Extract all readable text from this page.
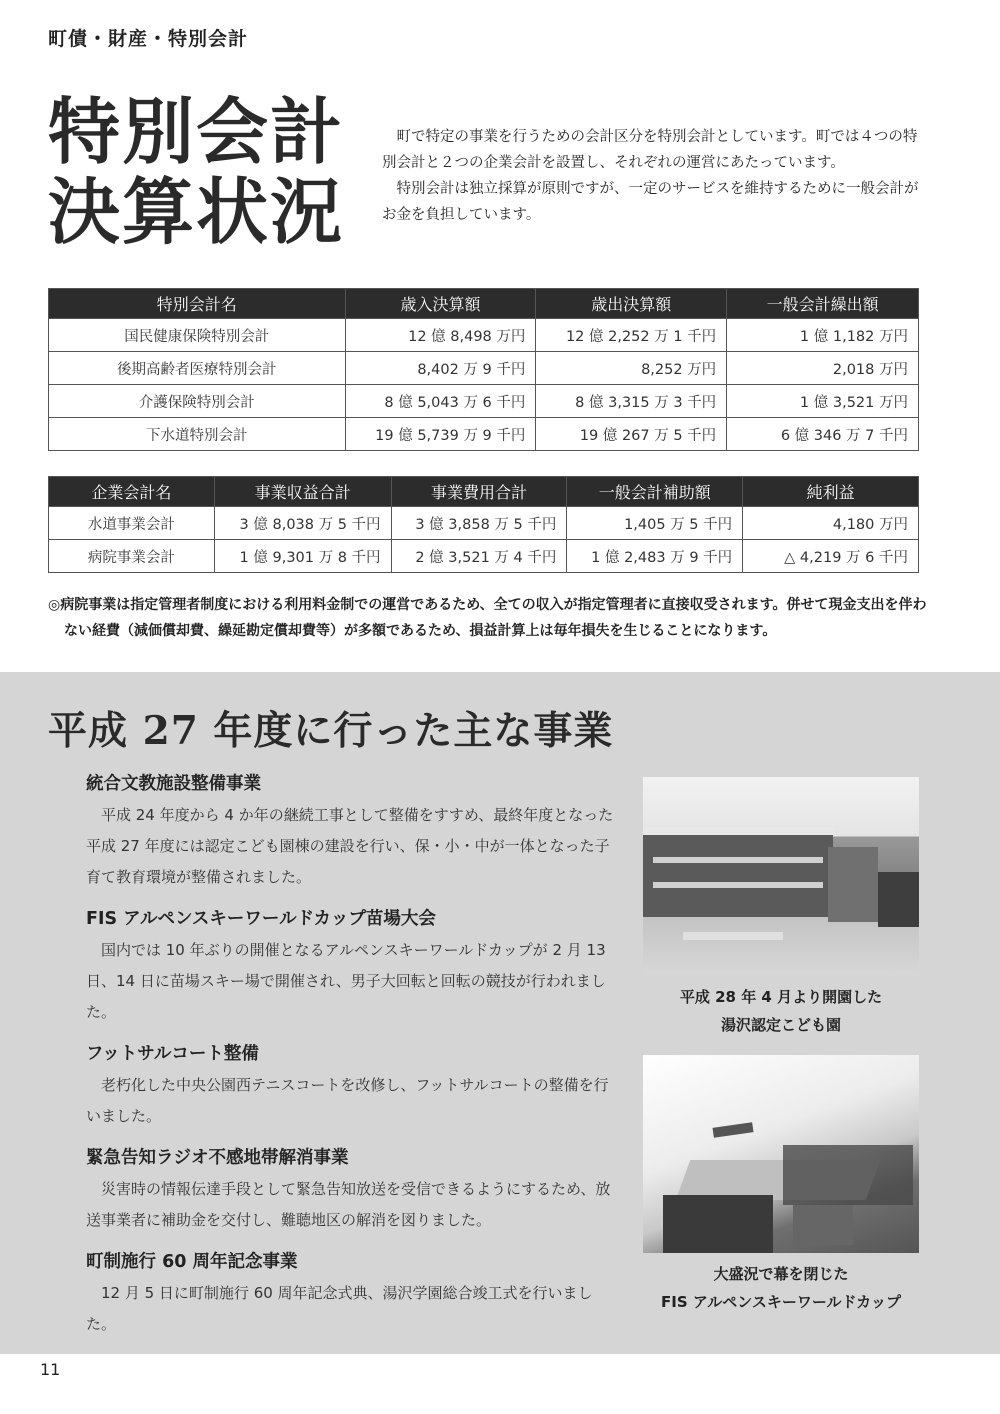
町債・財産・特別会計
特別会計
決算状況

町で特定の事業を行うための会計区分を特別会計としています。町では４つの特別会計と２つの企業会計を設置し、それぞれの運営にあたっています。

特別会計は独立採算が原則ですが、一定のサービスを維持するために一般会計がお金を負担しています。

特別会計名	歳入決算額	歳出決算額	一般会計繰出額
国民健康保険特別会計	12 億 8,498 万円	12 億 2,252 万 1 千円	1 億 1,182 万円
後期高齢者医療特別会計	8,402 万 9 千円	8,252 万円	2,018 万円
介護保険特別会計	8 億 5,043 万 6 千円	8 億 3,315 万 3 千円	1 億 3,521 万円
下水道特別会計	19 億 5,739 万 9 千円	19 億 267 万 5 千円	6 億 346 万 7 千円
企業会計名	事業収益合計	事業費用合計	一般会計補助額	純利益
水道事業会計	3 億 8,038 万 5 千円	3 億 3,858 万 5 千円	1,405 万 5 千円	4,180 万円
病院事業会計	1 億 9,301 万 8 千円	2 億 3,521 万 4 千円	1 億 2,483 万 9 千円	△ 4,219 万 6 千円
◎病院事業は指定管理者制度における利用料金制での運営であるため、全ての収入が指定管理者に直接収受されます。併せて現金支出を伴わない経費（減価償却費、繰延勘定償却費等）が多額であるため、損益計算上は毎年損失を生じることになります。
平成 27 年度に行った主な事業
統合文教施設整備事業

平成 24 年度から 4 か年の継続工事として整備をすすめ、最終年度となった平成 27 年度には認定こども園棟の建設を行い、保・小・中が一体となった子育て教育環境が整備されました。

FIS アルペンスキーワールドカップ苗場大会

国内では 10 年ぶりの開催となるアルペンスキーワールドカップが 2 月 13 日、14 日に苗場スキー場で開催され、男子大回転と回転の競技が行われました。

フットサルコート整備

老朽化した中央公園西テニスコートを改修し、フットサルコートの整備を行いました。

緊急告知ラジオ不感地帯解消事業

災害時の情報伝達手段として緊急告知放送を受信できるようにするため、放送事業者に補助金を交付し、難聴地区の解消を図りました。

町制施行 60 周年記念事業

12 月 5 日に町制施行 60 周年記念式典、湯沢学園総合竣工式を行いました。

平成 28 年 4 月より開園した
湯沢認定こども園
大盛況で幕を閉じた
FIS アルペンスキーワールドカップ
11
